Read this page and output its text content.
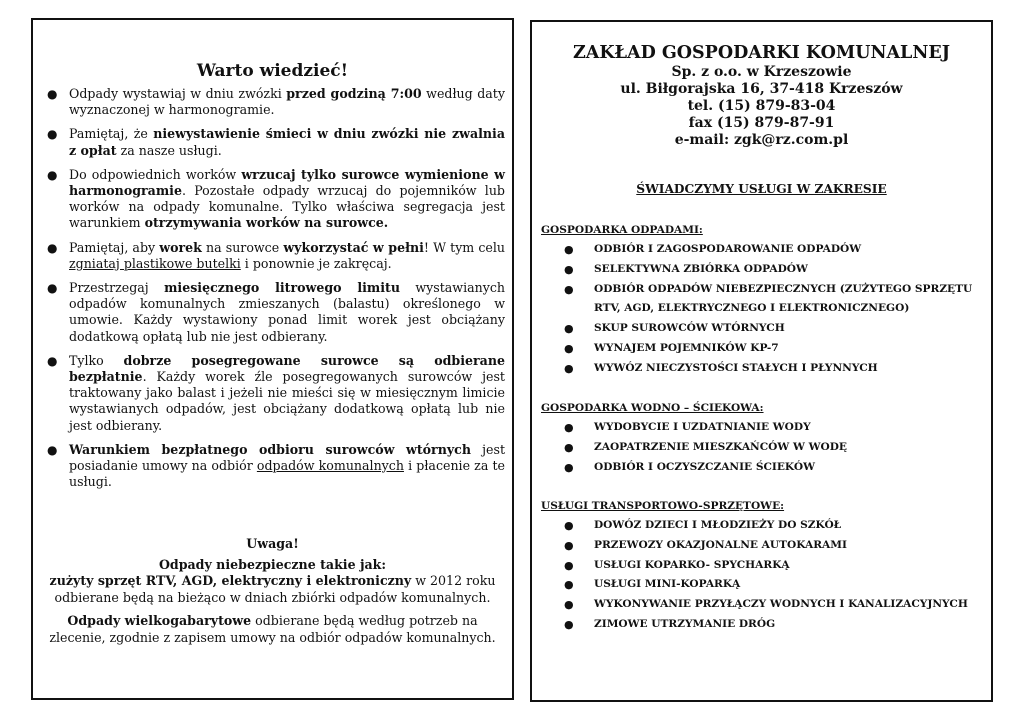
Warto wiedzieć!
● Odpady wystawiaj w dniu zwózki przed godziną 7:00 według daty wyznaczonej w harmonogramie.
● Pamiętaj, że niewystawienie śmieci w dniu zwózki nie zwalnia z opłat za nasze usługi.
● Do odpowiednich worków wrzucaj tylko surowce wymienione w harmonogramie. Pozostałe odpady wrzucaj do pojemników lub worków na odpady komunalne. Tylko właściwa segregacja jest warunkiem otrzymywania worków na surowce.
● Pamiętaj, aby worek na surowce wykorzystać w pełni! W tym celu zgniataj plastikowe butelki i ponownie je zakręcaj.
● Przestrzegaj miesięcznego litrowego limitu wystawianych odpadów komunalnych zmieszanych (balastu) określonego w umowie. Każdy wystawiony ponad limit worek jest obciążany dodatkową opłatą lub nie jest odbierany.
● Tylko dobrze posegregowane surowce są odbierane bezpłatnie. Każdy worek źle posegregowanych surowców jest traktowany jako balast i jeżeli nie mieści się w miesięcznym limicie wystawianych odpadów, jest obciążany dodatkową opłatą lub nie jest odbierany.
● Warunkiem bezpłatnego odbioru surowców wtórnych jest posiadanie umowy na odbiór odpadów komunalnych i płacenie za te usługi.
Uwaga!
Odpady niebezpieczne takie jak:
zużyty sprzęt RTV, AGD, elektryczny i elektroniczny w 2012 roku odbierane będą na bieżąco w dniach zbiórki odpadów komunalnych.
Odpady wielkogabarytowe odbierane będą według potrzeb na zlecenie, zgodnie z zapisem umowy na odbiór odpadów komunalnych.
ZAKŁAD GOSPODARKI KOMUNALNEJ
Sp. z o.o. w Krzeszowie
ul. Biłgorajska 16, 37-418 Krzeszów
tel. (15) 879-83-04
fax (15) 879-87-91
e-mail: zgk@rz.com.pl
ŚWIADCZYMY USŁUGI W ZAKRESIE
GOSPODARKA ODPADAMI:
● ODBIÓR I ZAGOSPODAROWANIE ODPADÓW
● SELEKTYWNA ZBIÓRKA ODPADÓW
● ODBIÓR ODPADÓW NIEBEZPIECZNYCH (ZUŻYTEGO SPRZĘTU RTV, AGD, ELEKTRYCZNEGO I ELEKTRONICZNEGO)
● SKUP SUROWCÓW WTÓRNYCH
● WYNAJEM POJEMNIKÓW KP-7
● WYWÓZ NIECZYSTOŚCI STAŁYCH I PŁYNNYCH
GOSPODARKA WODNO – ŚCIEKOWA:
● WYDOBYCIE I UZDATNIANIE WODY
● ZAOPATRZENIE MIESZKAŃCÓW W WODĘ
● ODBIÓR I OCZYSZCZANIE ŚCIEKÓW
USŁUGI TRANSPORTOWO-SPRZĘTOWE:
● DOWÓZ DZIECI I MŁODZIEŻY DO SZKÓŁ
● PRZEWOZY OKAZJONALNE AUTOKARAMI
● USŁUGI KOPARKO- SPYCHARKĄ
● USŁUGI MINI-KOPARKĄ
● WYKONYWANIE PRZYŁĄCZY WODNYCH I KANALIZACYJNYCH
● ZIMOWE UTRZYMANIE DRÓG
